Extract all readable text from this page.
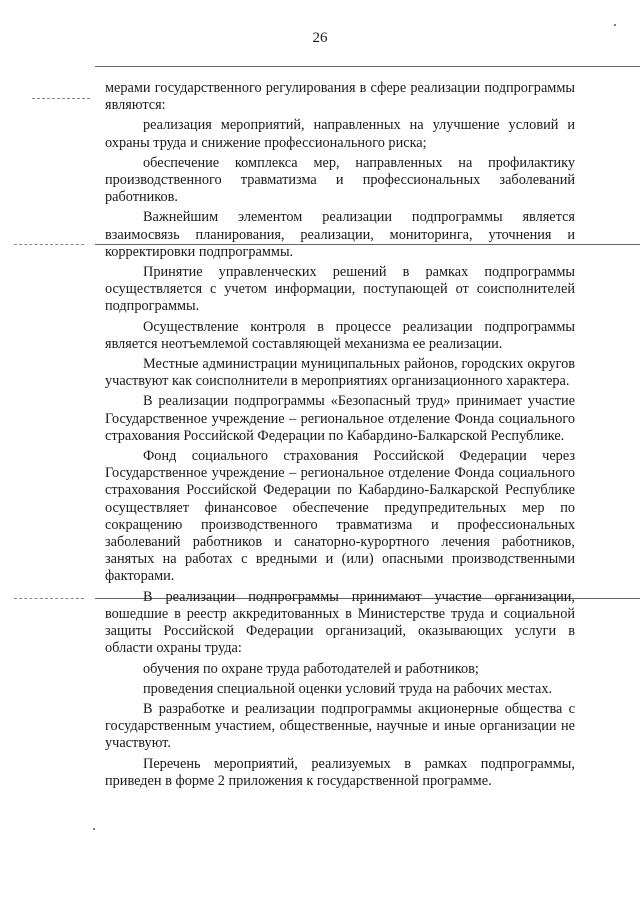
26

мерами государственного регулирования в сфере реализации подпрограммы являются:

реализация мероприятий, направленных на улучшение условий и охраны труда и снижение профессионального риска;

обеспечение комплекса мер, направленных на профилактику производственного травматизма и профессиональных заболеваний работников.

Важнейшим элементом реализации подпрограммы является взаимосвязь планирования, реализации, мониторинга, уточнения и корректировки подпрограммы.

Принятие управленческих решений в рамках подпрограммы осуществляется с учетом информации, поступающей от соисполнителей подпрограммы.

Осуществление контроля в процессе реализации подпрограммы является неотъемлемой составляющей механизма ее реализации.

Местные администрации муниципальных районов, городских округов участвуют как соисполнители в мероприятиях организационного характера.

В реализации подпрограммы «Безопасный труд» принимает участие Государственное учреждение – региональное отделение Фонда социального страхования Российской Федерации по Кабардино-Балкарской Республике.

Фонд социального страхования Российской Федерации через Государственное учреждение – региональное отделение Фонда социального страхования Российской Федерации по Кабардино-Балкарской Республике осуществляет финансовое обеспечение предупредительных мер по сокращению производственного травматизма и профессиональных заболеваний работников и санаторно-курортного лечения работников, занятых на работах с вредными и (или) опасными производственными факторами.

В реализации подпрограммы принимают участие организации, вошедшие в реестр аккредитованных в Министерстве труда и социальной защиты Российской Федерации организаций, оказывающих услуги в области охраны труда:

обучения по охране труда работодателей и работников;

проведения специальной оценки условий труда на рабочих местах.

В разработке и реализации подпрограммы акционерные общества с государственным участием, общественные, научные и иные организации не участвуют.

Перечень мероприятий, реализуемых в рамках подпрограммы, приведен в форме 2 приложения к государственной программе.
